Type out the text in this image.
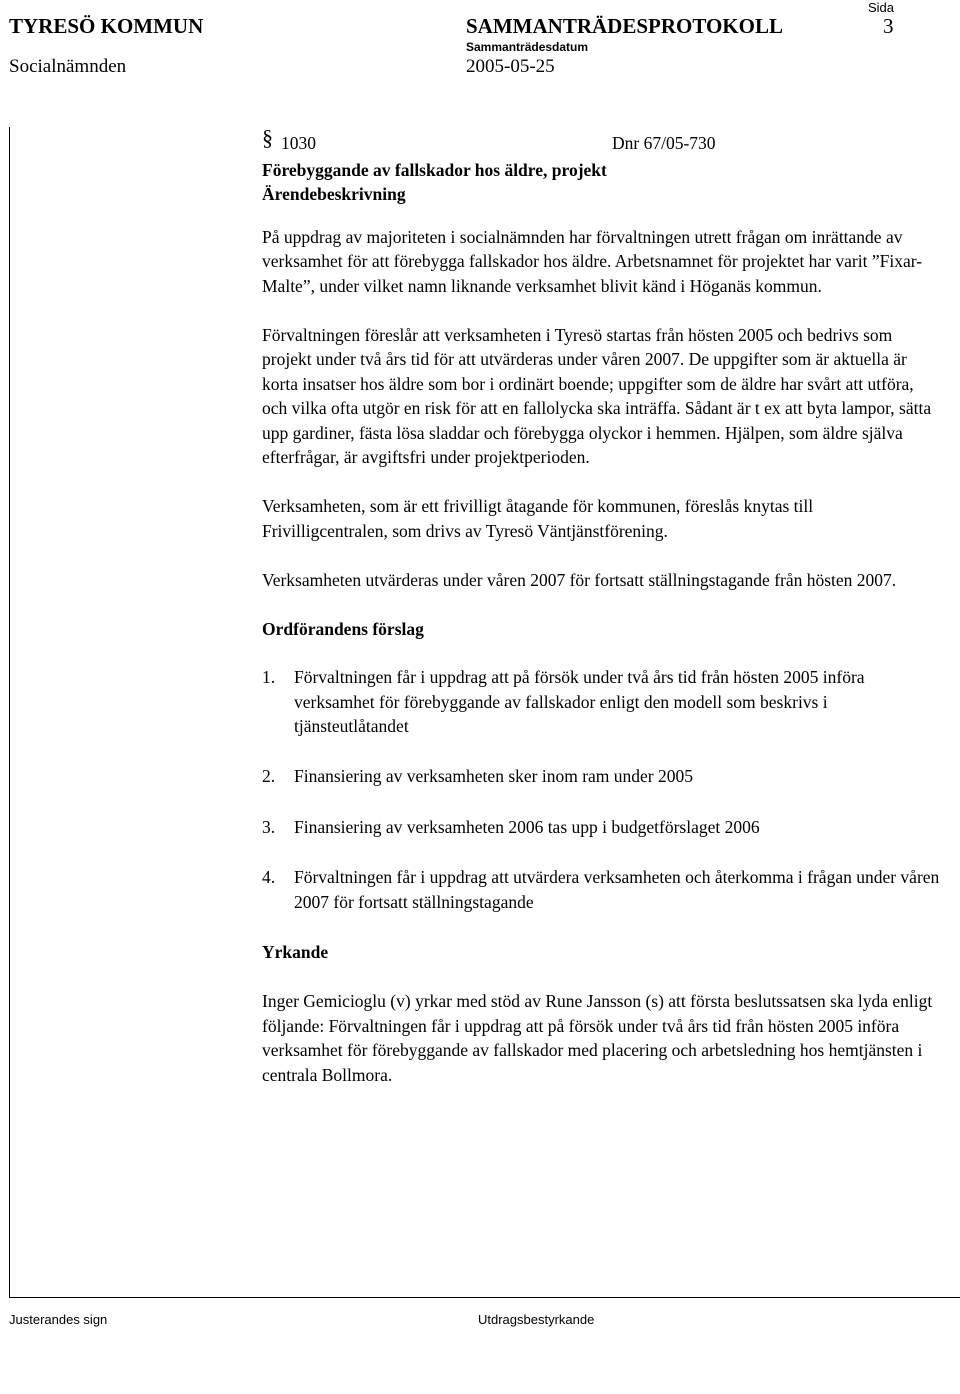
TYRESÖ KOMMUN
Socialnämnden
SAMMANTRÄDESPROTOKOLL
Sammanträdesdatum
2005-05-25
Sida
3
§ 1030	Dnr 67/05-730

Förebyggande av fallskador hos äldre, projekt

Ärendebeskrivning

På uppdrag av majoriteten i socialnämnden har förvaltningen utrett frågan om inrättande av verksamhet för att förebygga fallskador hos äldre. Arbetsnamnet för projektet har varit ”Fixar-Malte”, under vilket namn liknande verksamhet blivit känd i Höganäs kommun.

Förvaltningen föreslår att verksamheten i Tyresö startas från hösten 2005 och bedrivs som projekt under två års tid för att utvärderas under våren 2007. De uppgifter som är aktuella är korta insatser hos äldre som bor i ordinärt boende; uppgifter som de äldre har svårt att utföra, och vilka ofta utgör en risk för att en fallolycka ska inträffa. Sådant är t ex att byta lampor, sätta upp gardiner, fästa lösa sladdar och förebygga olyckor i hemmen. Hjälpen, som äldre själva efterfrågar, är avgiftsfri under projektperioden.

Verksamheten, som är ett frivilligt åtagande för kommunen, föreslås knytas till Frivilligcentralen, som drivs av Tyresö Väntjänstförening.

Verksamheten utvärderas under våren 2007 för fortsatt ställningstagande från hösten 2007.

Ordförandens förslag

1. Förvaltningen får i uppdrag att på försök under två års tid från hösten 2005 införa verksamhet för förebyggande av fallskador enligt den modell som beskrivs i tjänsteutlåtandet
2. Finansiering av verksamheten sker inom ram under 2005
3. Finansiering av verksamheten 2006 tas upp i budgetförslaget 2006
4. Förvaltningen får i uppdrag att utvärdera verksamheten och återkomma i frågan under våren 2007 för fortsatt ställningstagande

Yrkande

Inger Gemicioglu (v) yrkar med stöd av Rune Jansson (s) att första beslutssatsen ska lyda enligt följande: Förvaltningen får i uppdrag att på försök under två års tid från hösten 2005 införa verksamhet för förebyggande av fallskador med placering och arbetsledning hos hemtjänsten i centrala Bollmora.

Justerandes sign	Utdragsbestyrkande
